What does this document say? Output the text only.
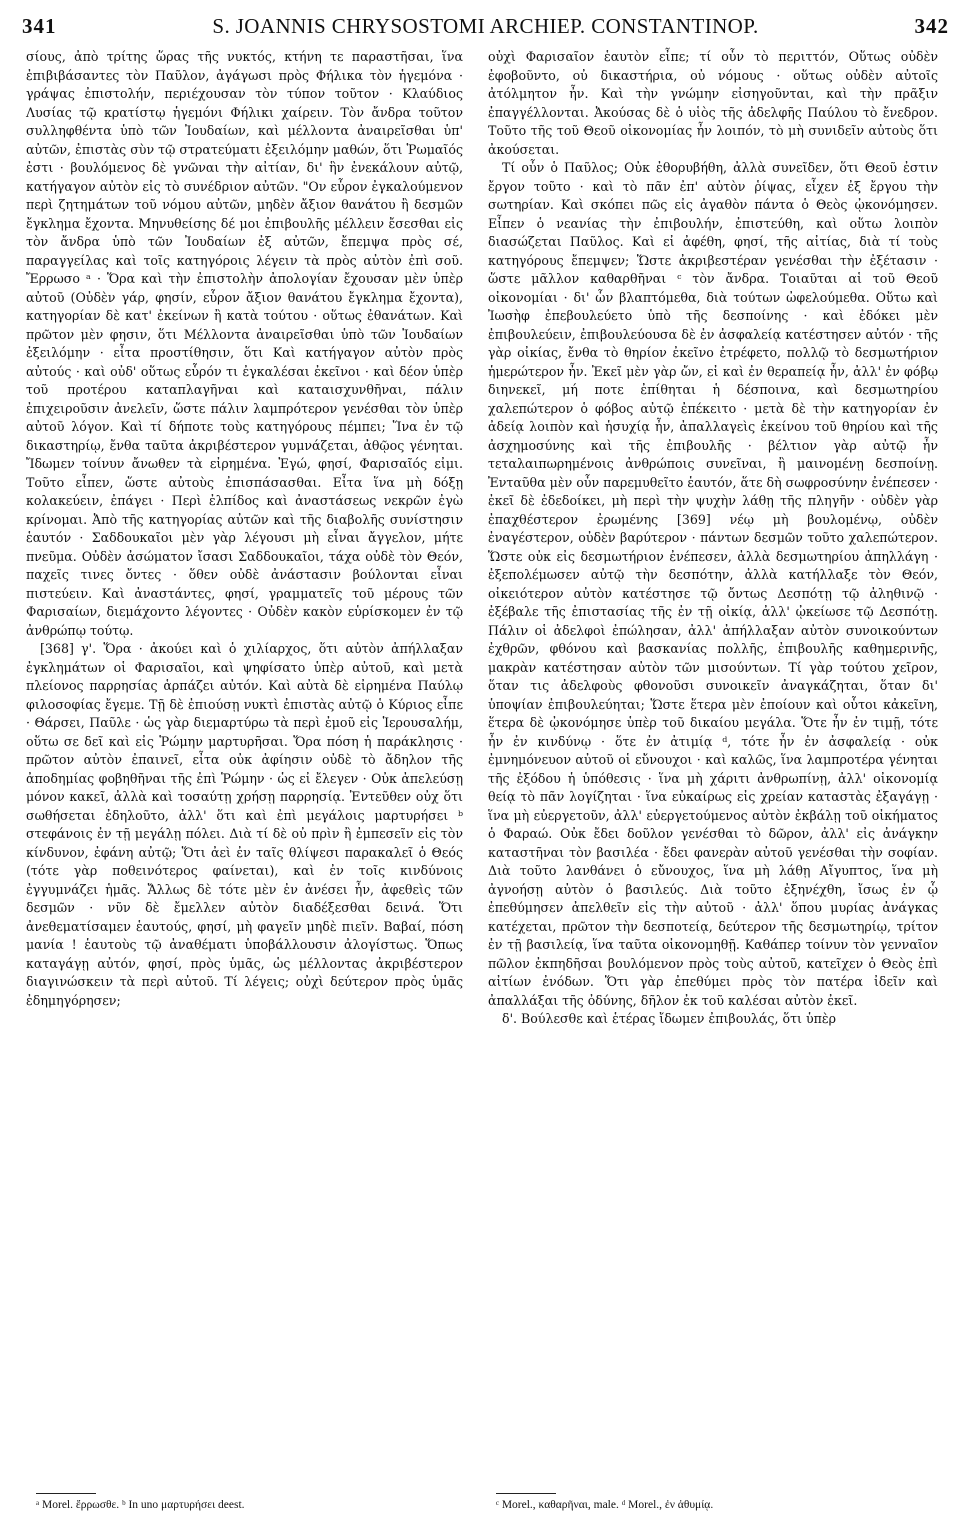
341	S. JOANNIS CHRYSOSTOMI ARCHIEP. CONSTANTINOP.	342

σίους, ἀπὸ τρίτης ὥρας τῆς νυκτός, κτήνη τε παραστῆσαι, ἵνα ἐπιβιβάσαντες τὸν Παῦλον, ἀγάγωσι πρὸς Φήλικα τὸν ἡγεμόνα · γράψας ἐπιστολήν, περιέχουσαν τὸν τύπον τοῦτον · Κλαύδιος Λυσίας τῷ κρατίστῳ ἡγεμόνι Φήλικι χαίρειν. Τὸν ἄνδρα τοῦτον συλληφθέντα ὑπὸ τῶν Ἰουδαίων, καὶ μέλλοντα ἀναιρεῖσθαι ὑπ' αὐτῶν, ἐπιστὰς σὺν τῷ στρατεύματι ἐξειλόμην μαθών, ὅτι Ῥωμαῖός ἐστι · βουλόμενος δὲ γνῶναι τὴν αἰτίαν, δι' ἣν ἐνεκάλουν αὐτῷ, κατήγαγον αὐτὸν εἰς τὸ συνέδριον αὐτῶν. "Ον εὗρον ἐγκαλούμενον περὶ ζητημάτων τοῦ νόμου αὐτῶν, μηδὲν ἄξιον θανάτου ἢ δεσμῶν ἔγκλημα ἔχοντα. Μηνυθείσης δέ μοι ἐπιβουλῆς μέλλειν ἔσεσθαι εἰς τὸν ἄνδρα ὑπὸ τῶν Ἰουδαίων ἐξ αὐτῶν, ἔπεμψα πρὸς σέ, παραγγείλας καὶ τοῖς κατηγόροις λέγειν τὰ πρὸς αὐτὸν ἐπὶ σοῦ. Ἔρρωσο ᵃ · Ὅρα καὶ τὴν ἐπιστολὴν ἀπολογίαν ἔχουσαν μὲν ὑπὲρ αὐτοῦ (Οὐδὲν γάρ, φησίν, εὗρον ἄξιον θανάτου ἔγκλημα ἔχοντα), κατηγορίαν δὲ κατ' ἐκείνων ἢ κατὰ τούτου · οὕτως ἐθανάτων. Καὶ πρῶτον μὲν φησιν, ὅτι Μέλλοντα ἀναιρεῖσθαι ὑπὸ τῶν Ἰουδαίων ἐξειλόμην · εἶτα προστίθησιν, ὅτι Καὶ κατήγαγον αὐτὸν πρὸς αὐτούς · καὶ οὐδ' οὕτως εὗρόν τι ἐγκαλέσαι ἐκεῖνοι · καὶ δέον ὑπὲρ τοῦ προτέρου καταπλαγῆναι καὶ καταισχυνθῆναι, πάλιν ἐπιχειροῦσιν ἀνελεῖν, ὥστε πάλιν λαμπρότερον γενέσθαι τὸν ὑπὲρ αὐτοῦ λόγον. Καὶ τί δήποτε τοὺς κατηγόρους πέμπει; Ἵνα ἐν τῷ δικαστηρίῳ, ἔνθα ταῦτα ἀκριβέστερον γυμνάζεται, ἀθῷος γένηται. Ἴδωμεν τοίνυν ἄνωθεν τὰ εἰρημένα. Ἐγώ, φησί, Φαρισαῖός εἰμι. Τοῦτο εἶπεν, ὥστε αὐτοὺς ἐπισπάσασθαι. Εἶτα ἵνα μὴ δόξῃ κολακεύειν, ἐπάγει · Περὶ ἐλπίδος καὶ ἀναστάσεως νεκρῶν ἐγὼ κρίνομαι. Ἀπὸ τῆς κατηγορίας αὐτῶν καὶ τῆς διαβολῆς συνίστησιν ἑαυτόν · Σαδδουκαῖοι μὲν γὰρ λέγουσι μὴ εἶναι ἄγγελον, μήτε πνεῦμα. Οὐδὲν ἀσώματον ἴσασι Σαδδουκαῖοι, τάχα οὐδὲ τὸν Θεόν, παχεῖς τινες ὄντες · ὅθεν οὐδὲ ἀνάστασιν βούλονται εἶναι πιστεύειν. Καὶ ἀναστάντες, φησί, γραμματεῖς τοῦ μέρους τῶν Φαρισαίων, διεμάχοντο λέγοντες · Οὐδὲν κακὸν εὑρίσκομεν ἐν τῷ ἀνθρώπῳ τούτῳ.

[368] γ'. Ὅρα · ἀκούει καὶ ὁ χιλίαρχος, ὅτι αὐτὸν ἀπήλλαξαν ἐγκλημάτων οἱ Φαρισαῖοι, καὶ ψηφίσατο ὑπὲρ αὐτοῦ, καὶ μετὰ πλείονος παρρησίας ἁρπάζει αὐτόν. Καὶ αὐτὰ δὲ εἰρημένα Παύλῳ φιλοσοφίας ἔγεμε. Τῇ δὲ ἐπιούσῃ νυκτὶ ἐπιστὰς αὐτῷ ὁ Κύριος εἶπε · Θάρσει, Παῦλε · ὡς γὰρ διεμαρτύρω τὰ περὶ ἐμοῦ εἰς Ἱερουσαλήμ, οὕτω σε δεῖ καὶ εἰς Ῥώμην μαρτυρῆσαι. Ὅρα πόση ἡ παράκλησις · πρῶτον αὐτὸν ἐπαινεῖ, εἶτα οὐκ ἀφίησιν οὐδὲ τὸ ἄδηλον τῆς ἀποδημίας φοβηθῆναι τῆς ἐπὶ Ῥώμην · ὡς εἰ ἔλεγεν · Οὐκ ἀπελεύσῃ μόνον κακεῖ, ἀλλὰ καὶ τοσαύτῃ χρήσῃ παρρησίᾳ. Ἐντεῦθεν οὐχ ὅτι σωθήσεται ἐδηλοῦτο, ἀλλ' ὅτι καὶ ἐπὶ μεγάλοις μαρτυρήσει ᵇ στεφάνοις ἐν τῇ μεγάλῃ πόλει. Διὰ τί δὲ οὐ πρὶν ἢ ἐμπεσεῖν εἰς τὸν κίνδυνον, ἐφάνη αὐτῷ; Ὅτι ἀεὶ ἐν ταῖς θλίψεσι παρακαλεῖ ὁ Θεός (τότε γὰρ ποθεινότερος φαίνεται), καὶ ἐν τοῖς κινδύνοις ἐγγυμνάζει ἡμᾶς. Ἄλλως δὲ τότε μὲν ἐν ἀνέσει ἦν, ἀφεθεὶς τῶν δεσμῶν · νῦν δὲ ἔμελλεν αὐτὸν διαδέξεσθαι δεινά. Ὅτι ἀνεθεματίσαμεν ἑαυτούς, φησί, μὴ φαγεῖν μηδὲ πιεῖν. Βαβαί, πόση μανία ! ἑαυτοὺς τῷ ἀναθέματι ὑποβάλλουσιν ἀλογίστως. Ὅπως καταγάγῃ αὐτόν, φησί, πρὸς ὑμᾶς, ὡς μέλλοντας ἀκριβέστερον διαγινώσκειν τὰ περὶ αὐτοῦ. Τί λέγεις; οὐχὶ δεύτερον πρὸς ὑμᾶς ἐδημηγόρησεν;

οὐχὶ Φαρισαῖον ἑαυτὸν εἶπε; τί οὖν τὸ περιττόν, Οὕτως οὐδὲν ἐφοβοῦντο, οὐ δικαστήρια, οὐ νόμους · οὕτως οὐδὲν αὐτοῖς ἀτόλμητον ἦν. Καὶ τὴν γνώμην εἰσηγοῦνται, καὶ τὴν πρᾶξιν ἐπαγγέλλονται. Ἀκούσας δὲ ὁ υἱὸς τῆς ἀδελφῆς Παύλου τὸ ἔνεδρον. Τοῦτο τῆς τοῦ Θεοῦ οἰκονομίας ἦν λοιπόν, τὸ μὴ συνιδεῖν αὐτοὺς ὅτι ἀκούσεται.

Τί οὖν ὁ Παῦλος; Οὐκ ἐθορυβήθη, ἀλλὰ συνεῖδεν, ὅτι Θεοῦ ἐστιν ἔργον τοῦτο · καὶ τὸ πᾶν ἐπ' αὐτὸν ῥίψας, εἶχεν ἐξ ἔργου τὴν σωτηρίαν. Καὶ σκόπει πῶς εἰς ἀγαθὸν πάντα ὁ Θεὸς ᾠκονόμησεν. Εἶπεν ὁ νεανίας τὴν ἐπιβουλήν, ἐπιστεύθη, καὶ οὕτω λοιπὸν διασώζεται Παῦλος. Καὶ εἰ ἀφέθη, φησί, τῆς αἰτίας, διὰ τί τοὺς κατηγόρους ἔπεμψεν; Ὥστε ἀκριβεστέραν γενέσθαι τὴν ἐξέτασιν · ὥστε μᾶλλον καθαρθῆναι ᶜ τὸν ἄνδρα. Τοιαῦται αἱ τοῦ Θεοῦ οἰκονομίαι · δι' ὧν βλαπτόμεθα, διὰ τούτων ὠφελούμεθα. Οὕτω καὶ Ἰωσὴφ ἐπεβουλεύετο ὑπὸ τῆς δεσποίνης · καὶ ἐδόκει μὲν ἐπιβουλεύειν, ἐπιβουλεύουσα δὲ ἐν ἀσφαλείᾳ κατέστησεν αὐτόν · τῆς γὰρ οἰκίας, ἔνθα τὸ θηρίον ἐκεῖνο ἐτρέφετο, πολλῷ τὸ δεσμωτήριον ἡμερώτερον ἦν. Ἐκεῖ μὲν γὰρ ὤν, εἰ καὶ ἐν θεραπείᾳ ἦν, ἀλλ' ἐν φόβῳ διηνεκεῖ, μή ποτε ἐπίθηται ἡ δέσποινα, καὶ δεσμωτηρίου χαλεπώτερον ὁ φόβος αὐτῷ ἐπέκειτο · μετὰ δὲ τὴν κατηγορίαν ἐν ἀδείᾳ λοιπὸν καὶ ἡσυχίᾳ ἦν, ἀπαλλαγεὶς ἐκείνου τοῦ θηρίου καὶ τῆς ἀσχημοσύνης καὶ τῆς ἐπιβουλῆς · βέλτιον γὰρ αὐτῷ ἦν τεταλαιπωρημένοις ἀνθρώποις συνεῖναι, ἢ μαινομένῃ δεσποίνῃ. Ἐνταῦθα μὲν οὖν παρεμυθεῖτο ἑαυτόν, ἅτε δὴ σωφροσύνην ἐνέπεσεν · ἐκεῖ δὲ ἐδεδοίκει, μὴ περὶ τὴν ψυχὴν λάθῃ τῆς πληγῆν · οὐδὲν γὰρ ἐπαχθέστερον ἐρωμένης [369] νέῳ μὴ βουλομένῳ, οὐδὲν ἐναγέστερον, οὐδὲν βαρύτερον · πάντων δεσμῶν τοῦτο χαλεπώτερον. Ὥστε οὐκ εἰς δεσμωτήριον ἐνέπεσεν, ἀλλὰ δεσμωτηρίου ἀπηλλάγη · ἐξεπολέμωσεν αὐτῷ τὴν δεσπότην, ἀλλὰ κατήλλαξε τὸν Θεόν, οἰκειότερον αὐτὸν κατέστησε τῷ ὄντως Δεσπότῃ τῷ ἀληθινῷ · ἐξέβαλε τῆς ἐπιστασίας τῆς ἐν τῇ οἰκίᾳ, ἀλλ' ᾠκείωσε τῷ Δεσπότῃ. Πάλιν οἱ ἀδελφοὶ ἐπώλησαν, ἀλλ' ἀπήλλαξαν αὐτὸν συνοικούντων ἐχθρῶν, φθόνου καὶ βασκανίας πολλῆς, ἐπιβουλῆς καθημερινῆς, μακρὰν κατέστησαν αὐτὸν τῶν μισούντων. Τί γὰρ τούτου χεῖρον, ὅταν τις ἀδελφοὺς φθονοῦσι συνοικεῖν ἀναγκάζηται, ὅταν δι' ὑποψίαν ἐπιβουλεύηται; Ὥστε ἕτερα μὲν ἐποίουν καὶ οὗτοι κἀκεῖνη, ἕτερα δὲ ᾠκονόμησε ὑπὲρ τοῦ δικαίου μεγάλα. Ὅτε ἦν ἐν τιμῇ, τότε ἦν ἐν κινδύνῳ · ὅτε ἐν ἀτιμίᾳ ᵈ, τότε ἦν ἐν ἀσφαλείᾳ · οὐκ ἐμνημόνευον αὐτοῦ οἱ εὔνουχοι · καὶ καλῶς, ἵνα λαμπροτέρα γένηται τῆς ἐξόδου ἡ ὑπόθεσις · ἵνα μὴ χάριτι ἀνθρωπίνῃ, ἀλλ' οἰκονομίᾳ θείᾳ τὸ πᾶν λογίζηται · ἵνα εὐκαίρως εἰς χρείαν καταστὰς ἐξαγάγῃ · ἵνα μὴ εὐεργετοῦν, ἀλλ' εὐεργετούμενος αὐτὸν ἐκβάλῃ τοῦ οἰκήματος ὁ Φαραώ. Οὐκ ἔδει δοῦλον γενέσθαι τὸ δῶρον, ἀλλ' εἰς ἀνάγκην καταστῆναι τὸν βασιλέα · ἔδει φανερὰν αὐτοῦ γενέσθαι τὴν σοφίαν. Διὰ τοῦτο λανθάνει ὁ εὔνουχος, ἵνα μὴ λάθῃ Αἴγυπτος, ἵνα μὴ ἀγνοήσῃ αὐτὸν ὁ βασιλεύς. Διὰ τοῦτο ἐξηνέχθη, ἴσως ἐν ᾧ ἐπεθύμησεν ἀπελθεῖν εἰς τὴν αὐτοῦ · ἀλλ' ὅπου μυρίας ἀνάγκας κατέχεται, πρῶτον τὴν δεσποτείᾳ, δεύτερον τῆς δεσμωτηρίῳ, τρίτον ἐν τῇ βασιλείᾳ, ἵνα ταῦτα οἰκονομηθῇ. Καθάπερ τοίνυν τὸν γενναῖον πῶλον ἐκπηδῆσαι βουλόμενον πρὸς τοὺς αὐτοῦ, κατεῖχεν ὁ Θεὸς ἐπὶ αἰτίων ἐνόδων. Ὅτι γὰρ ἐπεθύμει πρὸς τὸν πατέρα ἰδεῖν καὶ ἀπαλλάξαι τῆς ὀδύνης, δῆλον ἐκ τοῦ καλέσαι αὐτὸν ἐκεῖ.

δ'. Βούλεσθε καὶ ἑτέρας ἴδωμεν ἐπιβουλάς, ὅτι ὑπὲρ

ᵃ Morel. ἔρρωσθε. ᵇ In uno μαρτυρήσει deest.	ᶜ Morel., καθαρῆναι, male. ᵈ Morel., ἐν ἀθυμίᾳ.
